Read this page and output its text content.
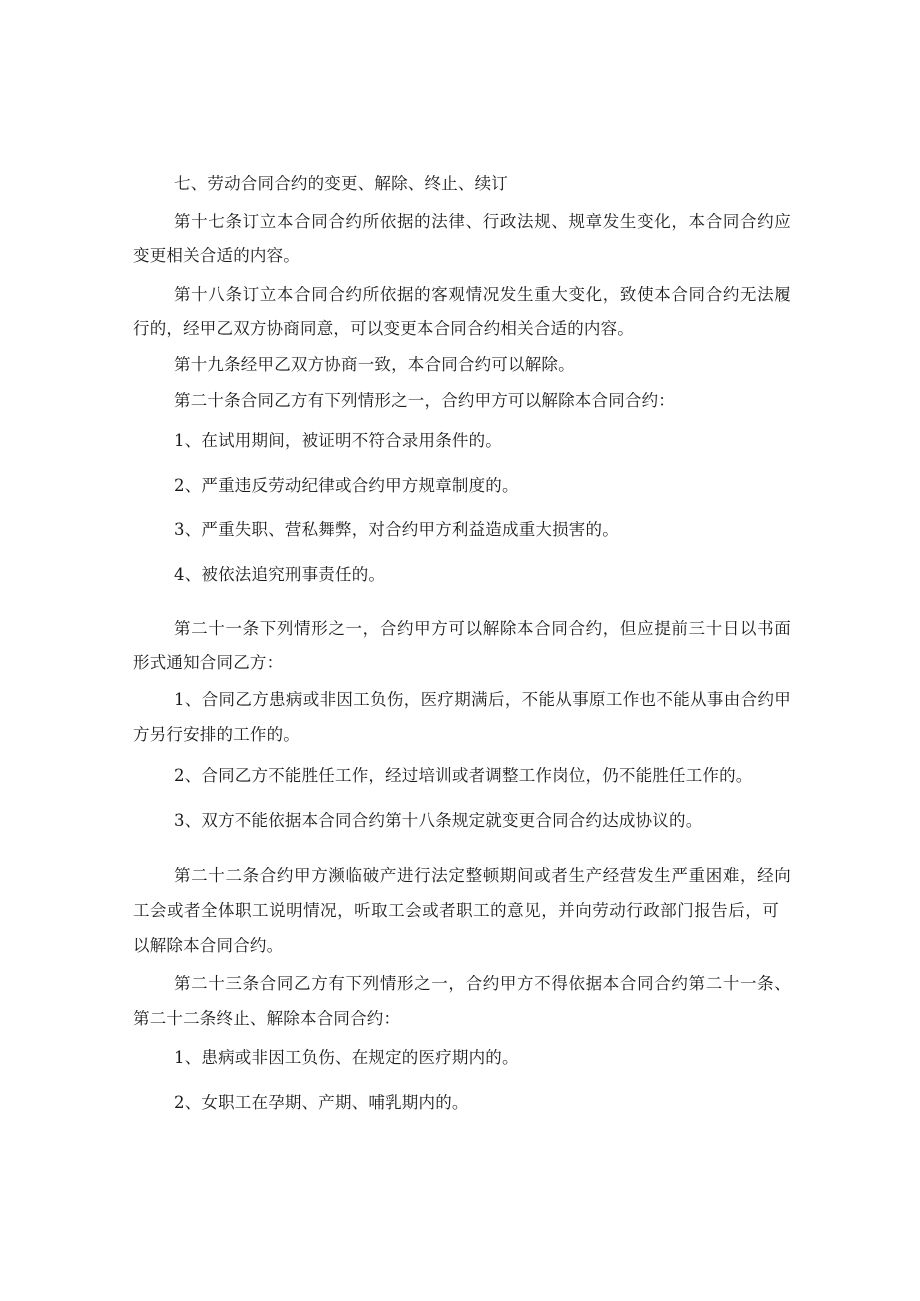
七、劳动合同合约的变更、解除、终止、续订
第十七条订立本合同合约所依据的法律、行政法规、规章发生变化，本合同合约应
变更相关合适的内容。
第十八条订立本合同合约所依据的客观情况发生重大变化，致使本合同合约无法履
行的，经甲乙双方协商同意，可以变更本合同合约相关合适的内容。
第十九条经甲乙双方协商一致，本合同合约可以解除。
第二十条合同乙方有下列情形之一，合约甲方可以解除本合同合约：
1、在试用期间，被证明不符合录用条件的。
2、严重违反劳动纪律或合约甲方规章制度的。
3、严重失职、营私舞弊，对合约甲方利益造成重大损害的。
4、被依法追究刑事责任的。
第二十一条下列情形之一，合约甲方可以解除本合同合约，但应提前三十日以书面
形式通知合同乙方：
1、合同乙方患病或非因工负伤，医疗期满后，不能从事原工作也不能从事由合约甲
方另行安排的工作的。
2、合同乙方不能胜任工作，经过培训或者调整工作岗位，仍不能胜任工作的。
3、双方不能依据本合同合约第十八条规定就变更合同合约达成协议的。
第二十二条合约甲方濒临破产进行法定整顿期间或者生产经营发生严重困难，经向
工会或者全体职工说明情况，听取工会或者职工的意见，并向劳动行政部门报告后，可
以解除本合同合约。
第二十三条合同乙方有下列情形之一，合约甲方不得依据本合同合约第二十一条、
第二十二条终止、解除本合同合约：
1、患病或非因工负伤、在规定的医疗期内的。
2、女职工在孕期、产期、哺乳期内的。
